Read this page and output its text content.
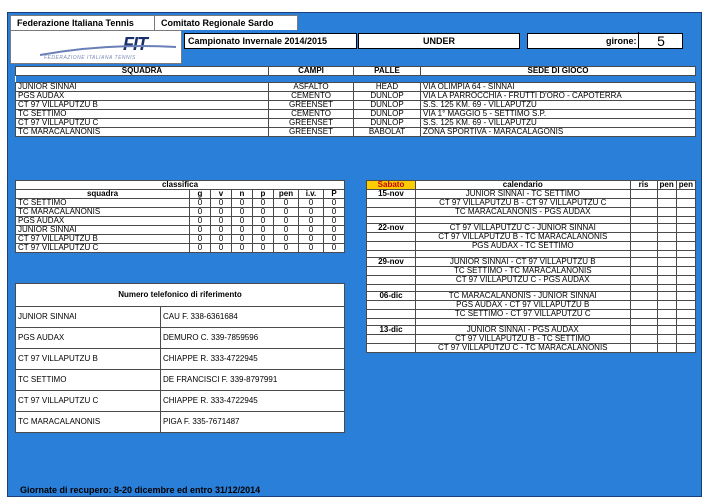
Federazione Italiana Tennis	Comitato Regionale Sardo
FIT
FEDERAZIONE ITALIANA TENNIS
Campionato Invernale 2014/2015	UNDER	girone:	5
SQUADRA	CAMPI	PALLE	SEDE DI GIOCO

JUNIOR SINNAI	ASFALTO	HEAD	VIA OLIMPIA 64 - SINNAI
PGS AUDAX	CEMENTO	DUNLOP	VIA LA PARROCCHIA - FRUTTI D'ORO - CAPOTERRA
CT 97 VILLAPUTZU B	GREENSET	DUNLOP	S.S. 125 KM. 69 - VILLAPUTZU
TC SETTIMO	CEMENTO	DUNLOP	VIA 1° MAGGIO 5 - SETTIMO S.P.
CT 97 VILLAPUTZU C	GREENSET	DUNLOP	S.S. 125 KM. 69 - VILLAPUTZU
TC MARACALANONIS	GREENSET	BABOLAT	ZONA SPORTIVA - MARACALAGONIS
classifica							
squadra	g	v	n	p	pen	i.v.	P
TC SETTIMO	0	0	0	0	0	0	0
TC MARACALANONIS	0	0	0	0	0	0	0
PGS AUDAX	0	0	0	0	0	0	0
JUNIOR SINNAI	0	0	0	0	0	0	0
CT 97 VILLAPUTZU B	0	0	0	0	0	0	0
CT 97 VILLAPUTZU C	0	0	0	0	0	0	0
Numero telefonico di riferimento	
JUNIOR SINNAI	CAU F. 338-6361684
PGS AUDAX	DEMURO C. 339-7859596
CT 97 VILLAPUTZU B	CHIAPPE R. 333-4722945
TC SETTIMO	DE FRANCISCI F. 339-8797991
CT 97 VILLAPUTZU C	CHIAPPE R. 333-4722945
TC MARACALANONIS	PIGA F. 335-7671487
Sabato	calendario	ris	pen	pen
15-nov	JUNIOR SINNAI - TC SETTIMO			
	CT 97 VILLAPUTZU B - CT 97 VILLAPUTZU C			
	TC MARACALANONIS - PGS AUDAX			

22-nov	CT 97 VILLAPUTZU C - JUNIOR SINNAI			
	CT 97 VILLAPUTZU B - TC MARACALANONIS			
	PGS AUDAX - TC SETTIMO			

29-nov	JUNIOR SINNAI - CT 97 VILLAPUTZU B			
	TC SETTIMO - TC MARACALANONIS			
	CT 97 VILLAPUTZU C - PGS AUDAX			

06-dic	TC MARACALANONIS - JUNIOR SINNAI			
	PGS AUDAX - CT 97 VILLAPUTZU B			
	TC SETTIMO - CT 97 VILLAPUTZU C			

13-dic	JUNIOR SINNAI - PGS AUDAX			
	CT 97 VILLAPUTZU B - TC SETTIMO			
	CT 97 VILLAPUTZU C - TC MARACALANONIS			
Giornate di recupero: 8-20 dicembre ed entro 31/12/2014
